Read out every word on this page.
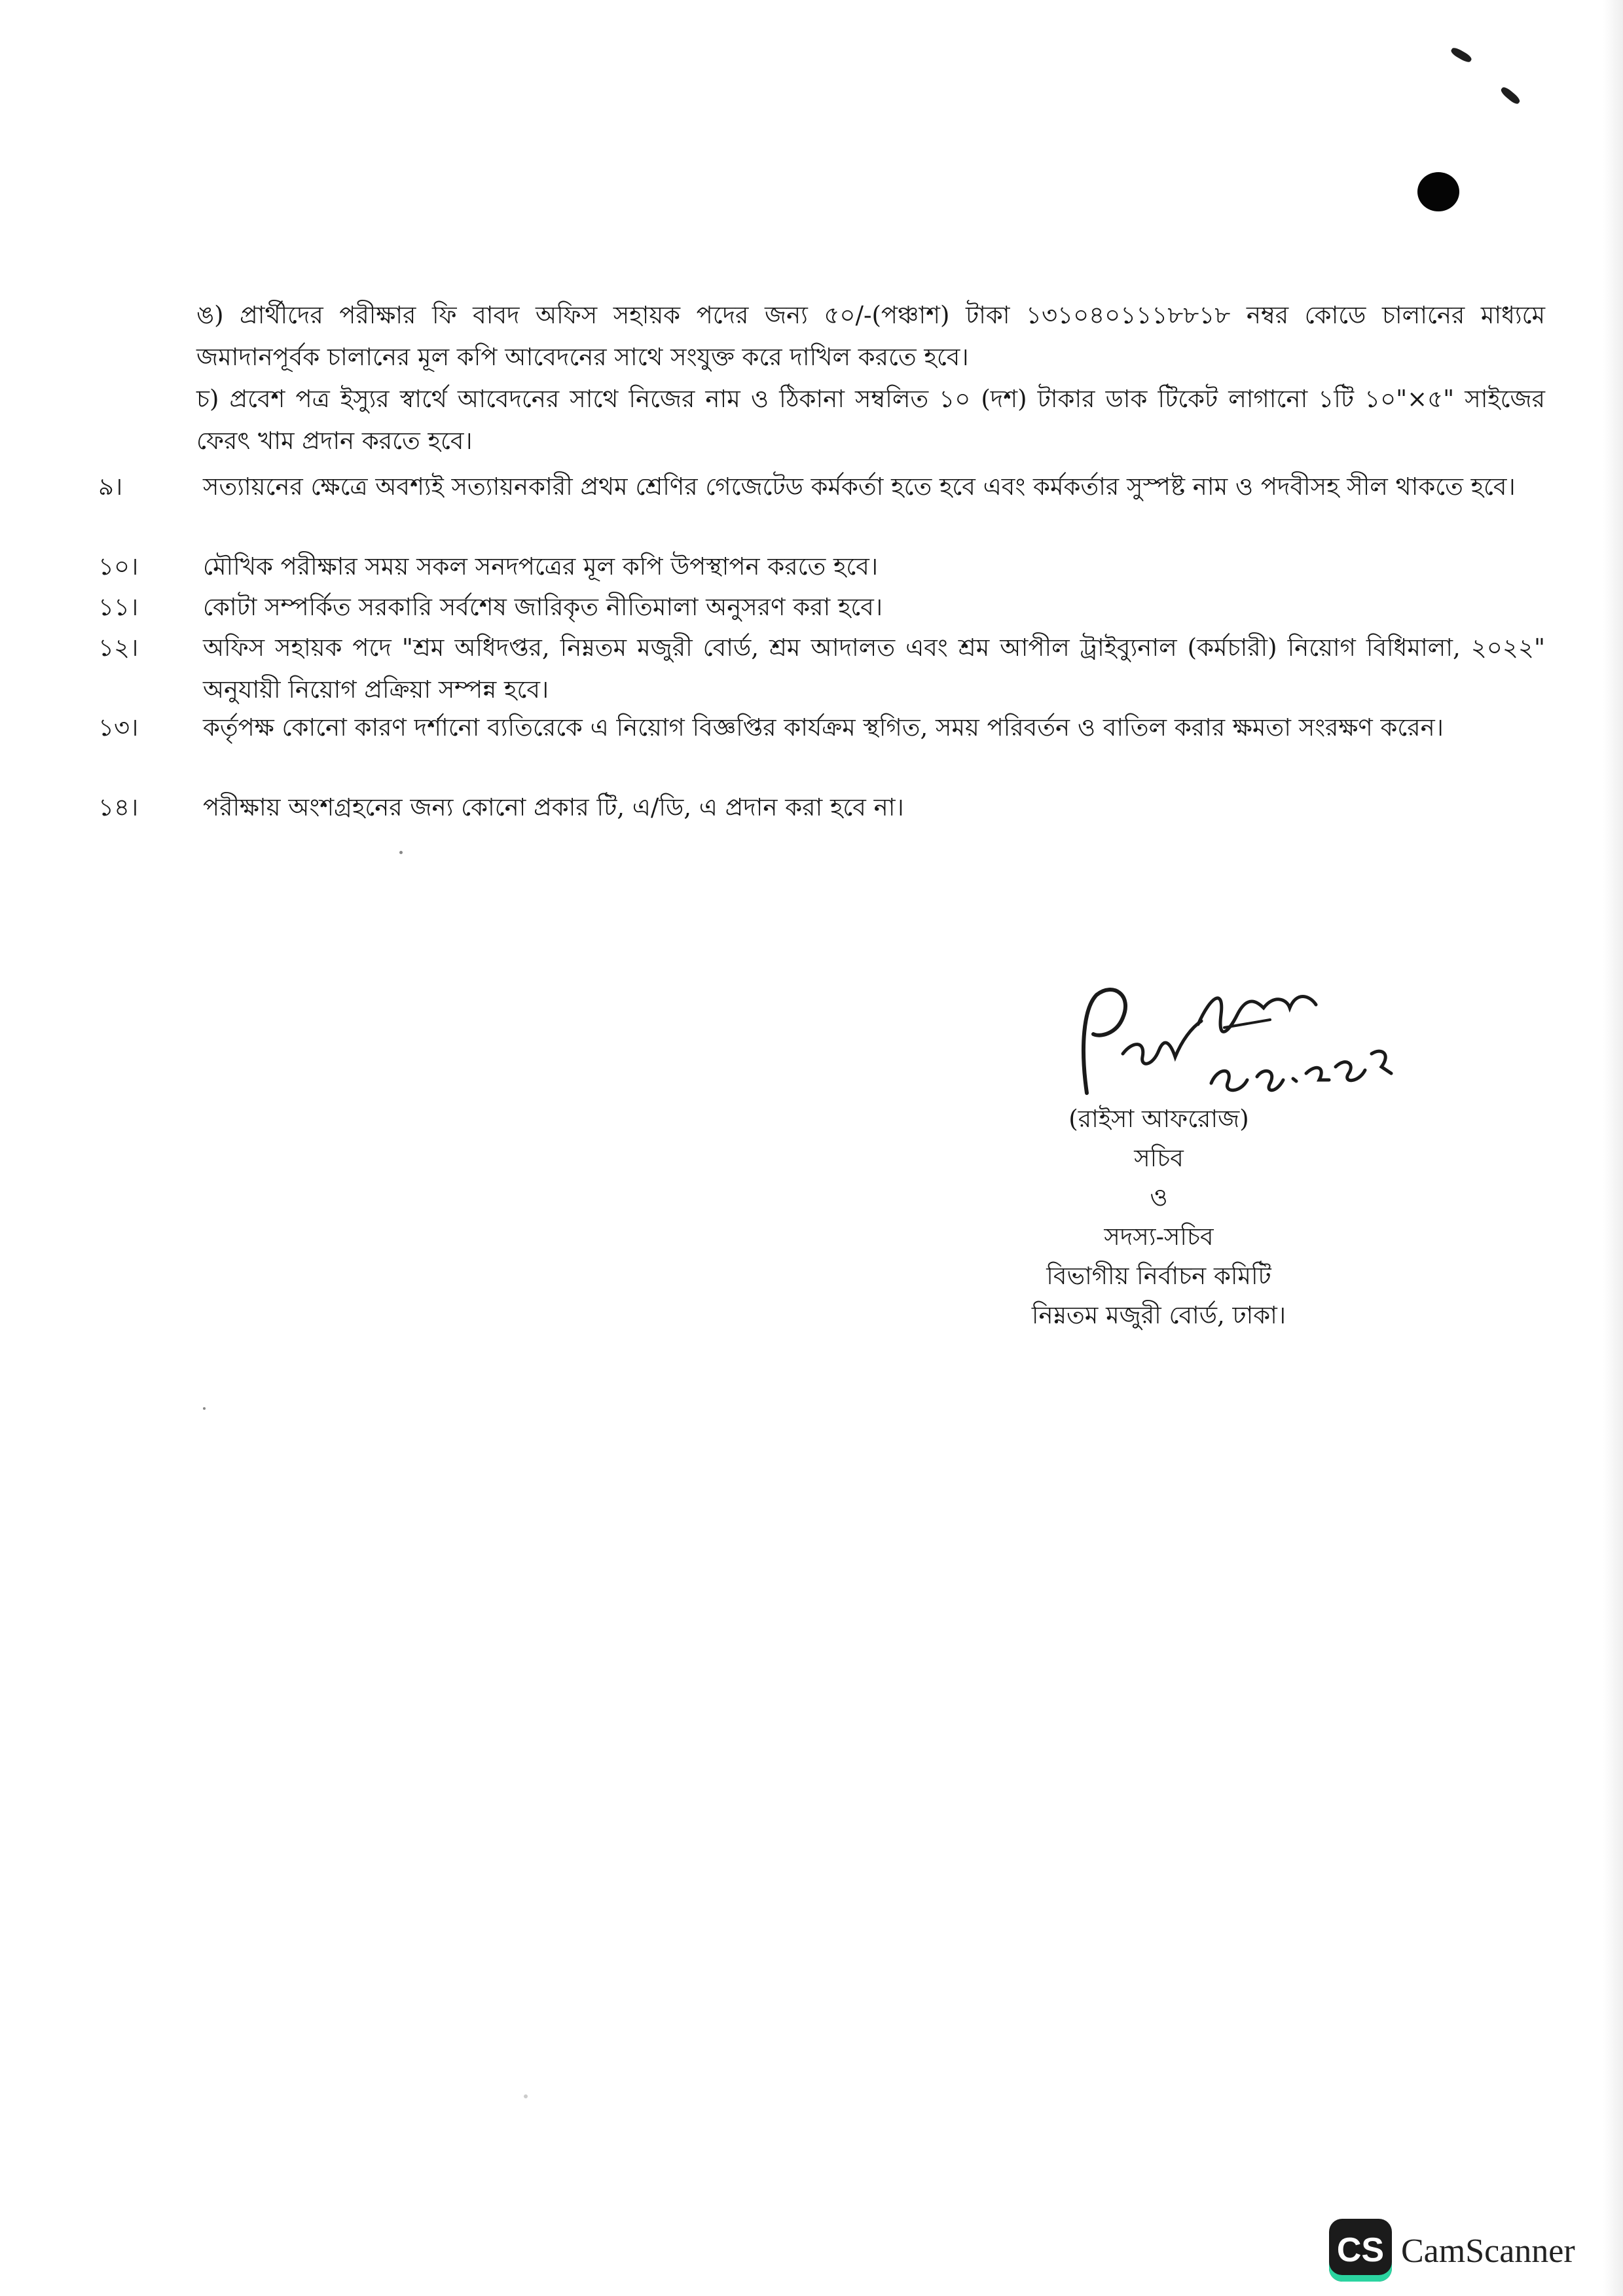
ঙ) প্রার্থীদের পরীক্ষার ফি বাবদ অফিস সহায়ক পদের জন্য ৫০/-(পঞ্চাশ) টাকা ১৩১০৪০১১১৮৮১৮ নম্বর কোডে চালানের মাধ্যমে জমাদানপূর্বক চালানের মূল কপি আবেদনের সাথে সংযুক্ত করে দাখিল করতে হবে।

চ) প্রবেশ পত্র ইস্যুর স্বার্থে আবেদনের সাথে নিজের নাম ও ঠিকানা সম্বলিত ১০ (দশ) টাকার ডাক টিকেট লাগানো ১টি ১০"×৫" সাইজের ফেরৎ খাম প্রদান করতে হবে।

৯।	সত্যায়নের ক্ষেত্রে অবশ্যই সত্যায়নকারী প্রথম শ্রেণির গেজেটেড কর্মকর্তা হতে হবে এবং কর্মকর্তার সুস্পষ্ট নাম ও পদবীসহ সীল থাকতে হবে।

১০।	মৌখিক পরীক্ষার সময় সকল সনদপত্রের মূল কপি উপস্থাপন করতে হবে।

১১।	কোটা সম্পর্কিত সরকারি সর্বশেষ জারিকৃত নীতিমালা অনুসরণ করা হবে।

১২।	অফিস সহায়ক পদে "শ্রম অধিদপ্তর, নিম্নতম মজুরী বোর্ড, শ্রম আদালত এবং শ্রম আপীল ট্রাইব্যুনাল (কর্মচারী) নিয়োগ বিধিমালা, ২০২২" অনুযায়ী নিয়োগ প্রক্রিয়া সম্পন্ন হবে।

১৩।	কর্তৃপক্ষ কোনো কারণ দর্শানো ব্যতিরেকে এ নিয়োগ বিজ্ঞপ্তির কার্যক্রম স্থগিত, সময় পরিবর্তন ও বাতিল করার ক্ষমতা সংরক্ষণ করেন।

১৪।	পরীক্ষায় অংশগ্রহনের জন্য কোনো প্রকার টি, এ/ডি, এ প্রদান করা হবে না।

(রাইসা আফরোজ)
সচিব
ও
সদস্য-সচিব
বিভাগীয় নির্বাচন কমিটি
নিম্নতম মজুরী বোর্ড, ঢাকা।
CS CamScanner
